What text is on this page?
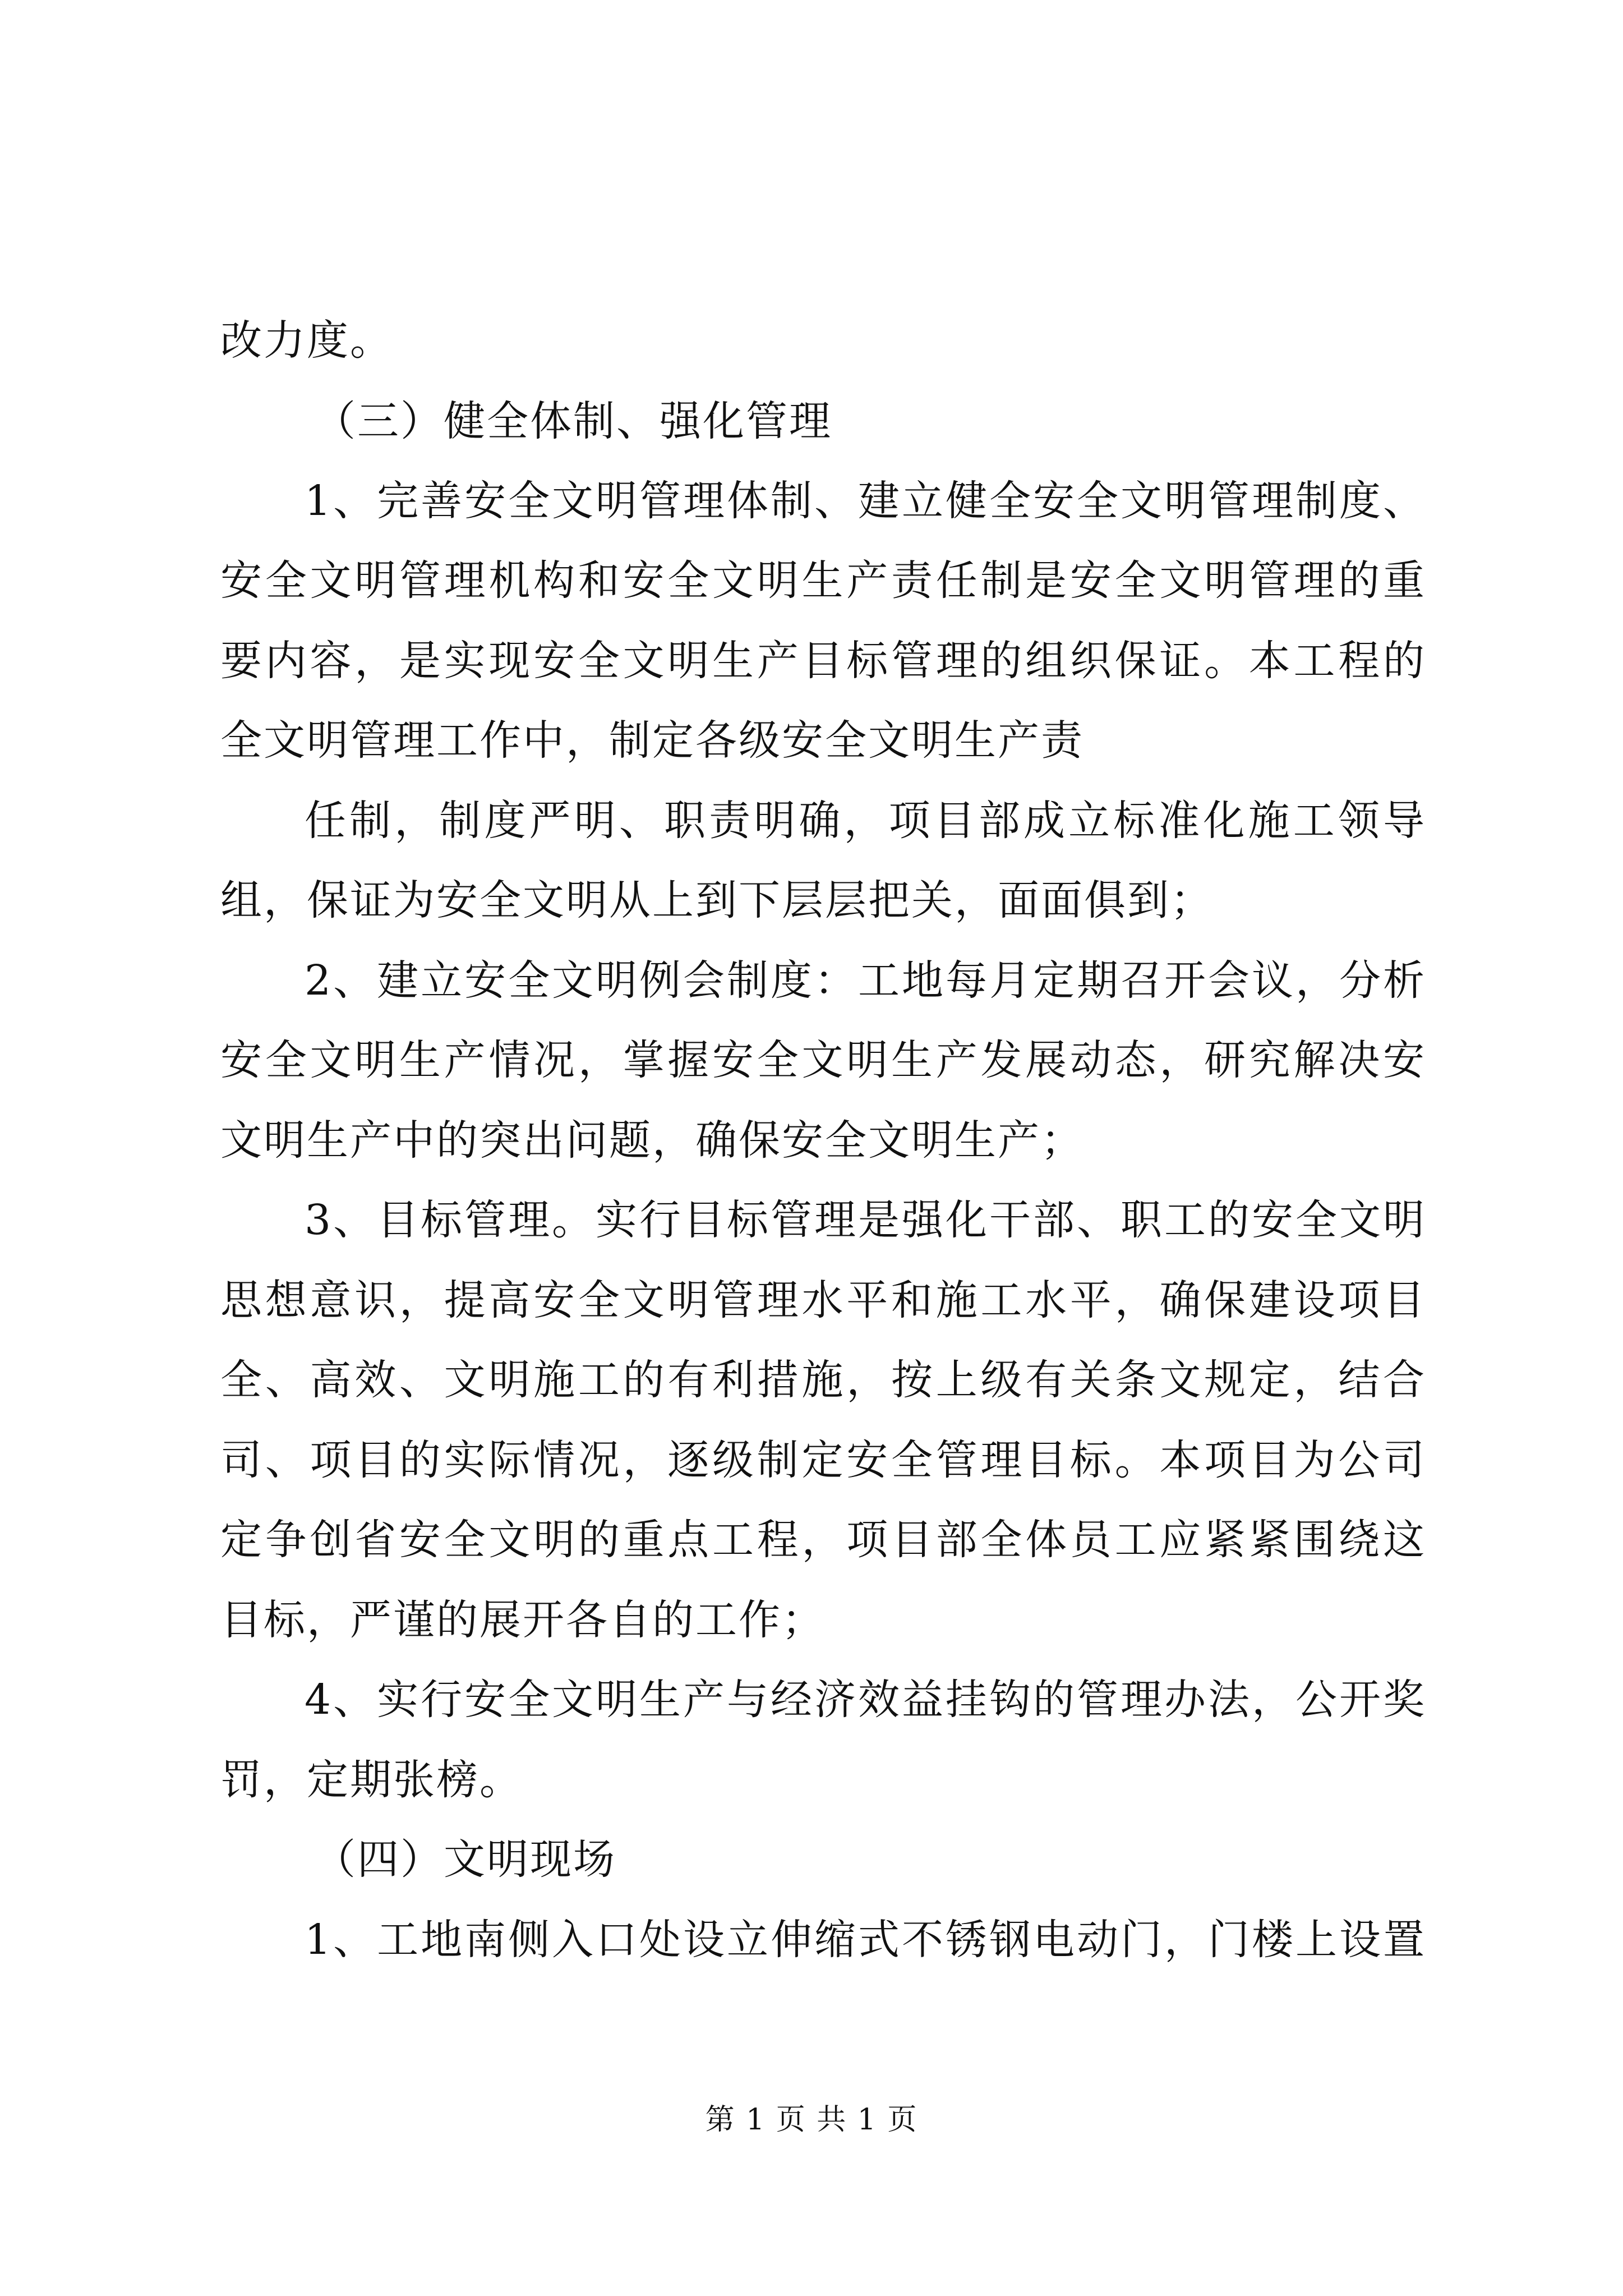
改力度。
（三）健全体制、强化管理
1、完善安全文明管理体制、建立健全安全文明管理制度、
安全文明管理机构和安全文明生产责任制是安全文明管理的重
要内容，是实现安全文明生产目标管理的组织保证。本工程的
全文明管理工作中，制定各级安全文明生产责
任制，制度严明、职责明确，项目部成立标准化施工领导
组，保证为安全文明从上到下层层把关，面面俱到；
2、建立安全文明例会制度：工地每月定期召开会议，分析
安全文明生产情况，掌握安全文明生产发展动态，研究解决安
文明生产中的突出问题，确保安全文明生产；
3、目标管理。实行目标管理是强化干部、职工的安全文明
思想意识，提高安全文明管理水平和施工水平，确保建设项目
全、高效、文明施工的有利措施，按上级有关条文规定，结合
司、项目的实际情况，逐级制定安全管理目标。本项目为公司
定争创省安全文明的重点工程，项目部全体员工应紧紧围绕这
目标，严谨的展开各自的工作；
4、实行安全文明生产与经济效益挂钩的管理办法，公开奖
罚，定期张榜。
（四）文明现场
1、工地南侧入口处设立伸缩式不锈钢电动门，门楼上设置
第 1 页 共 1 页
